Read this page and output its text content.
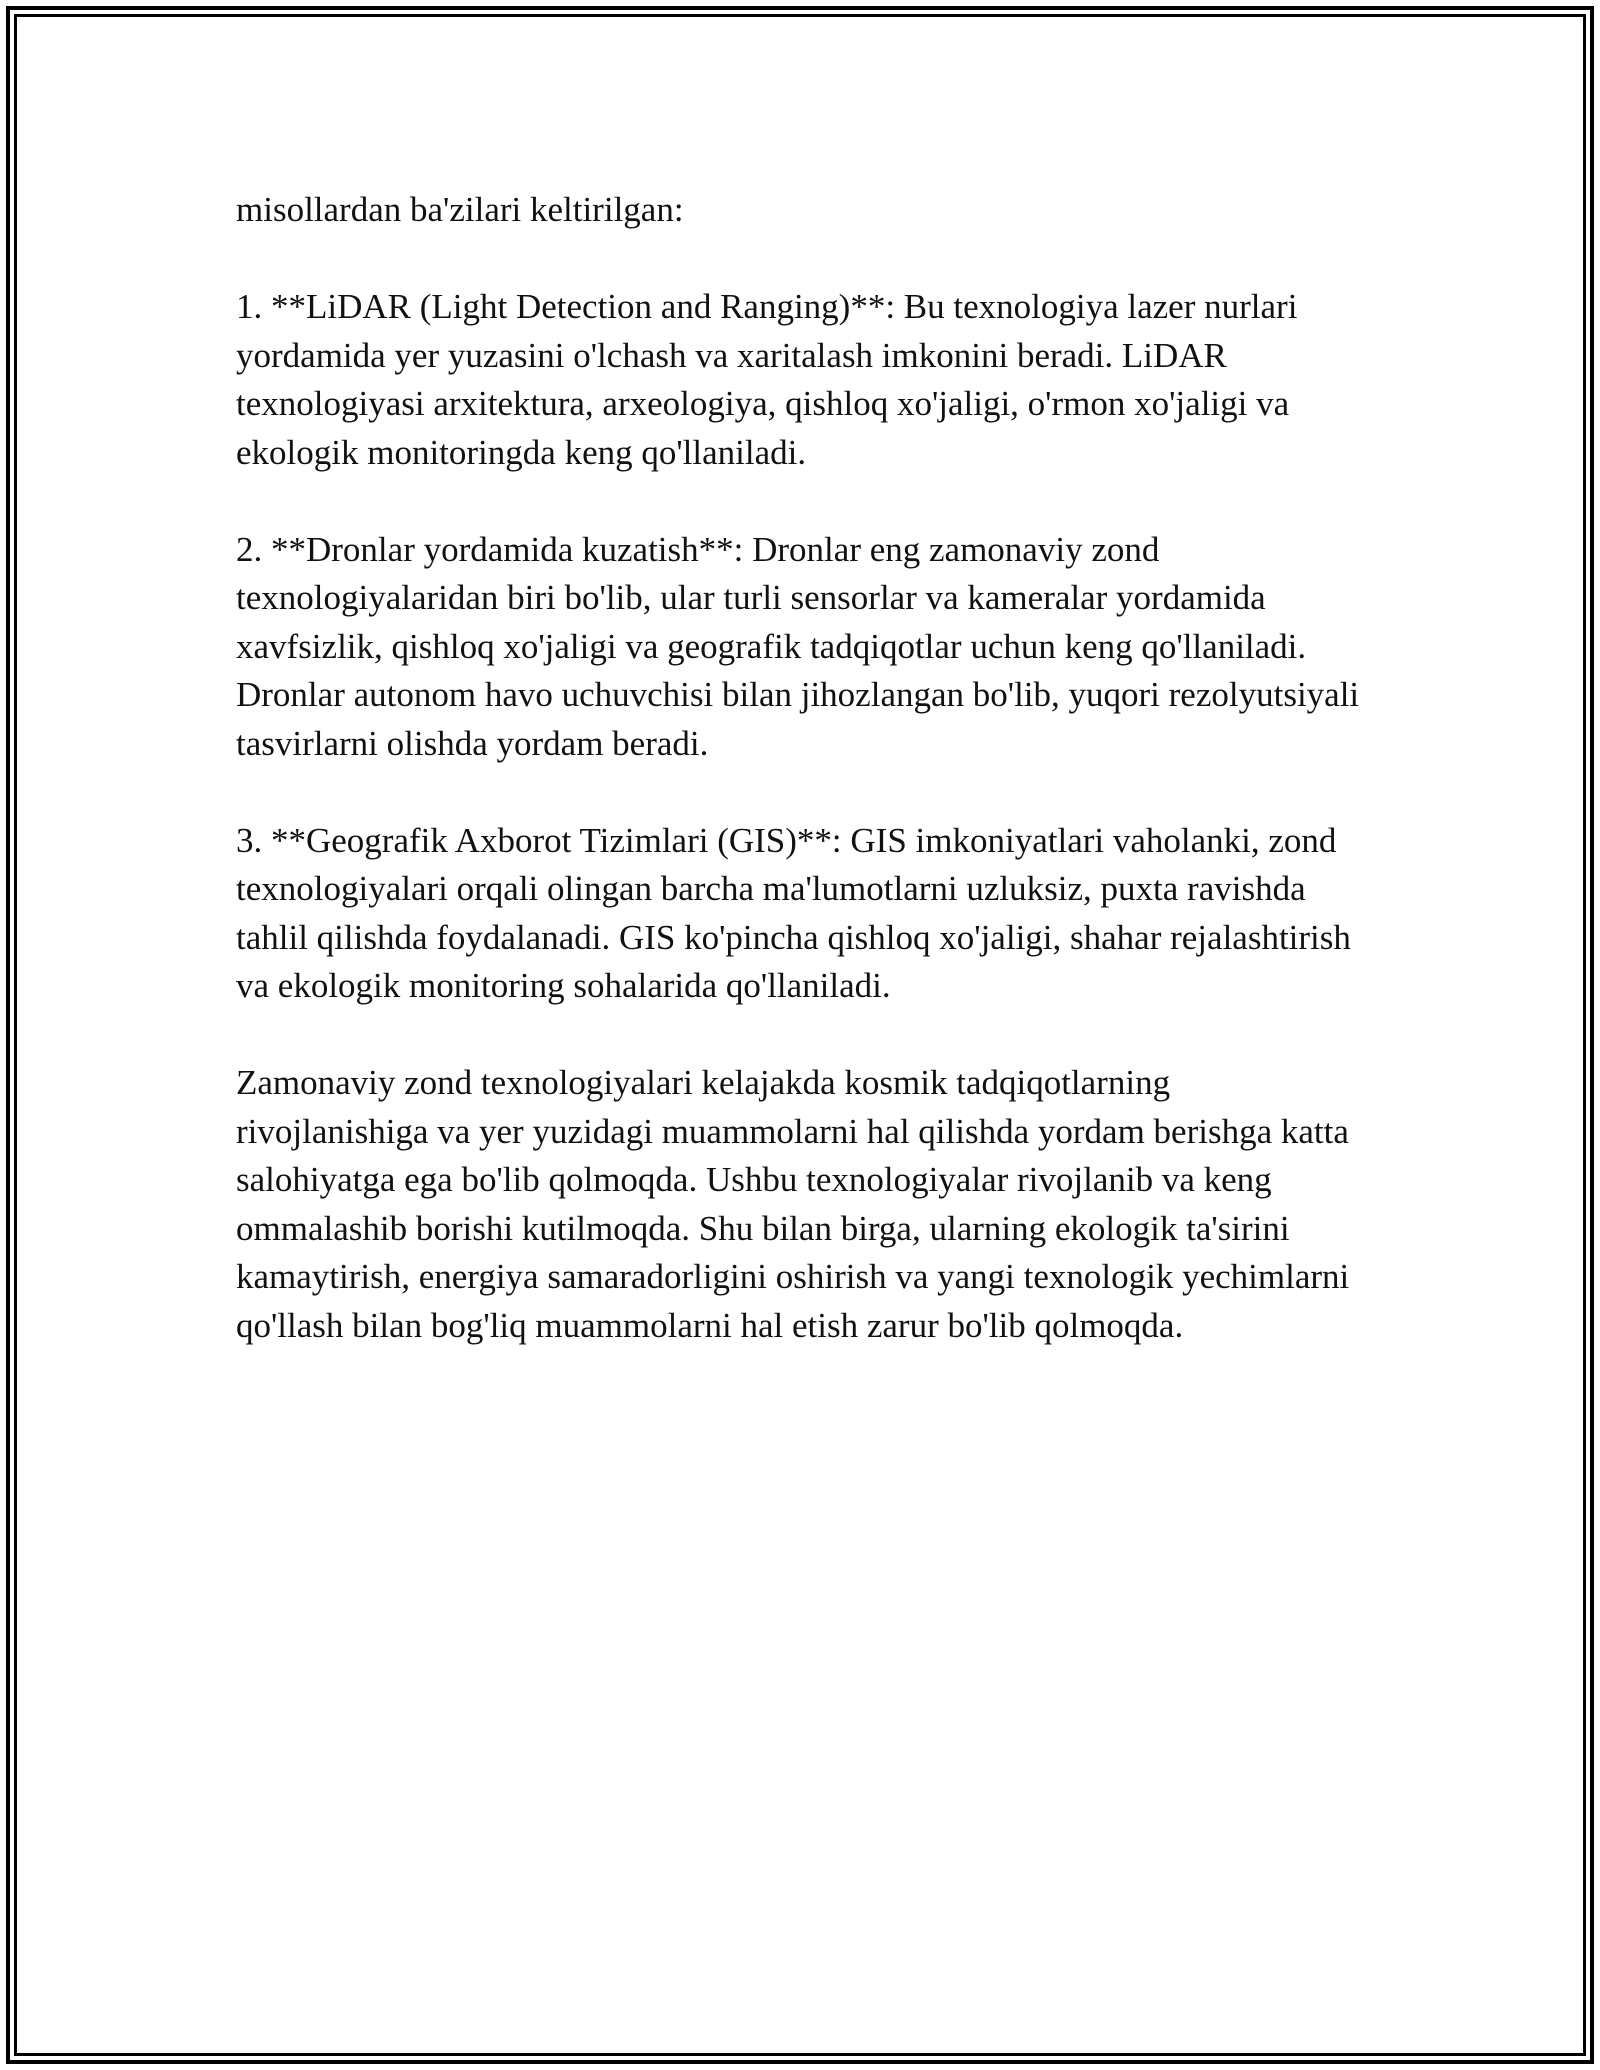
misollardan ba'zilari keltirilgan:

1. **LiDAR (Light Detection and Ranging)**: Bu texnologiya lazer nurlari yordamida yer yuzasini o'lchash va xaritalash imkonini beradi. LiDAR texnologiyasi arxitektura, arxeologiya, qishloq xo'jaligi, o'rmon xo'jaligi va ekologik monitoringda keng qo'llaniladi.

2. **Dronlar yordamida kuzatish**: Dronlar eng zamonaviy zond texnologiyalaridan biri bo'lib, ular turli sensorlar va kameralar yordamida xavfsizlik, qishloq xo'jaligi va geografik tadqiqotlar uchun keng qo'llaniladi. Dronlar autonom havo uchuvchisi bilan jihozlangan bo'lib, yuqori rezolyutsiyali tasvirlarni olishda yordam beradi.

3. **Geografik Axborot Tizimlari (GIS)**: GIS imkoniyatlari vaholanki, zond texnologiyalari orqali olingan barcha ma'lumotlarni uzluksiz, puxta ravishda tahlil qilishda foydalanadi. GIS ko'pincha qishloq xo'jaligi, shahar rejalashtirish va ekologik monitoring sohalarida qo'llaniladi.

Zamonaviy zond texnologiyalari kelajakda kosmik tadqiqotlarning rivojlanishiga va yer yuzidagi muammolarni hal qilishda yordam berishga katta salohiyatga ega bo'lib qolmoqda. Ushbu texnologiyalar rivojlanib va keng ommalashib borishi kutilmoqda. Shu bilan birga, ularning ekologik ta'sirini kamaytirish, energiya samaradorligini oshirish va yangi texnologik yechimlarni qo'llash bilan bog'liq muammolarni hal etish zarur bo'lib qolmoqda.
